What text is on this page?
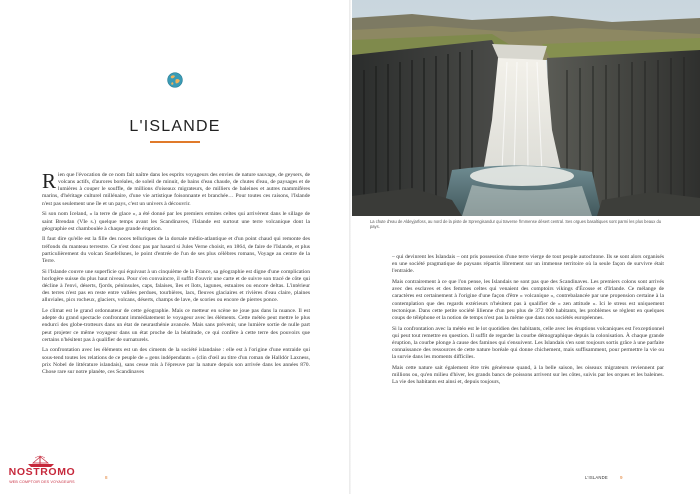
L'ISLANDE

Rien que l'évocation de ce nom fait naître dans les esprits voyageurs des envies de nature sauvage, de geysers, de volcans actifs, d'aurores boréales, de soleil de minuit, de bains d'eau chaude, de chutes d'eau, de paysages et de lumières à couper le souffle, de millions d'oiseaux migrateurs, de milliers de baleines et autres mammifères marins, d'héritage culturel millénaire, d'une vie artistique foisonnante et branchée… Pour toutes ces raisons, l'Islande n'est pas seulement une île et un pays, c'est un univers à découvrir.

Si son nom Iceland, « la terre de glace », a été donné par les premiers ermites celtes qui arrivèrent dans le sillage de saint Brendan (VIe s.) quelque temps avant les Scandinaves, l'Islande est surtout une terre volcanique dont la géographie est chamboulée à chaque grande éruption.

Il faut dire qu'elle est la fille des noces telluriques de la dorsale médio-atlantique et d'un point chaud qui remonte des tréfonds du manteau terrestre. Ce n'est donc pas par hasard si Jules Verne choisit, en 1864, de faire de l'Islande, et plus particulièrement du volcan Snæfellsnes, le point d'entrée de l'un de ses plus célèbres romans, Voyage au centre de la Terre.

Si l'Islande couvre une superficie qui équivaut à un cinquième de la France, sa géographie est digne d'une complication horlogère suisse du plus haut niveau. Pour s'en convaincre, il suffit d'ouvrir une carte et de suivre son tracé de côte qui décline à l'envi, déserts, fjords, péninsules, caps, falaises, îles et îlots, lagunes, estuaires ou encore deltas. L'intérieur des terres n'est pas en reste entre vallées perdues, tourbières, lacs, fleuves glaciaires et rivières d'eau claire, plaines alluviales, pics rocheux, glaciers, volcans, déserts, champs de lave, de scories ou encore de pierres ponce.

Le climat est le grand ordonnateur de cette géographie. Mais ce metteur en scène ne joue pas dans la nuance. Il est adepte du grand spectacle confrontant immédiatement le voyageur avec les éléments. Cette météo peut mettre le plus endurci des globe-trotteurs dans un état de neurasthénie avancée. Mais sans prévenir, une lumière sortie de nulle part peut projeter ce même voyageur dans un état proche de la béatitude, ce qui confère à cette terre des pouvoirs que certains n'hésitent pas à qualifier de surnaturels.

La confrontation avec les éléments est un des ciments de la société islandaise : elle est à l'origine d'une entraide qui sous-tend toutes les relations de ce peuple de « gens indépendants » (clin d'œil au titre d'un roman de Halldór Laxness, prix Nobel de littérature islandais), sans cesse mis à l'épreuve par la nature depuis son arrivée dans les années 870. Chose rare sur notre planète, ces Scandinaves

8
NOSTROMO
WEB COMPTOIR DES VOYAGEURS
La chute d'eau de Aldeyjarfoss, au nord de la piste de Sprengisandur qui traverse l'immense désert central. Ses orgues basaltiques sont parmi les plus beaux du pays.

– qui devinrent les Islandais – ont pris possession d'une terre vierge de tout peuple autochtone. Ils se sont alors organisés en une société pragmatique de paysans répartis librement sur un immense territoire où la seule façon de survivre était l'entraide.

Mais contrairement à ce que l'on pense, les Islandais ne sont pas que des Scandinaves. Les premiers colons sont arrivés avec des esclaves et des femmes celtes qui venaient des comptoirs vikings d'Écosse et d'Irlande. Ce mélange de caractères est certainement à l'origine d'une façon d'être « volcanique », contrebalancée par une propension certaine à la contemplation que des regards extérieurs n'hésitent pas à qualifier de « zen attitude ». Ici le stress est uniquement tectonique. Dans cette petite société lilienne d'un peu plus de 372 000 habitants, les problèmes se règlent en quelques coups de téléphone et la notion de temps n'est pas la même que dans nos sociétés européennes.

Si la confrontation avec la météo est le lot quotidien des habitants, celle avec les éruptions volcaniques est l'exceptionnel qui peut tout remettre en question. Il suffit de regarder la courbe démographique depuis la colonisation. À chaque grande éruption, la courbe plonge à cause des famines qui s'ensuivent. Les Islandais s'en sont toujours sortis grâce à une parfaite connaissance des ressources de cette nature boréale qui donne chichement, mais suffisamment, pour permettre la vie ou la survie dans les moments difficiles.

Mais cette nature sait également être très généreuse quand, à la belle saison, les oiseaux migrateurs reviennent par millions ou, qu'en milieu d'hiver, les grands bancs de poissons arrivent sur les côtes, suivis par les orques et les baleines. La vie des habitants est ainsi et, depuis toujours,

L'ISLANDE	9
